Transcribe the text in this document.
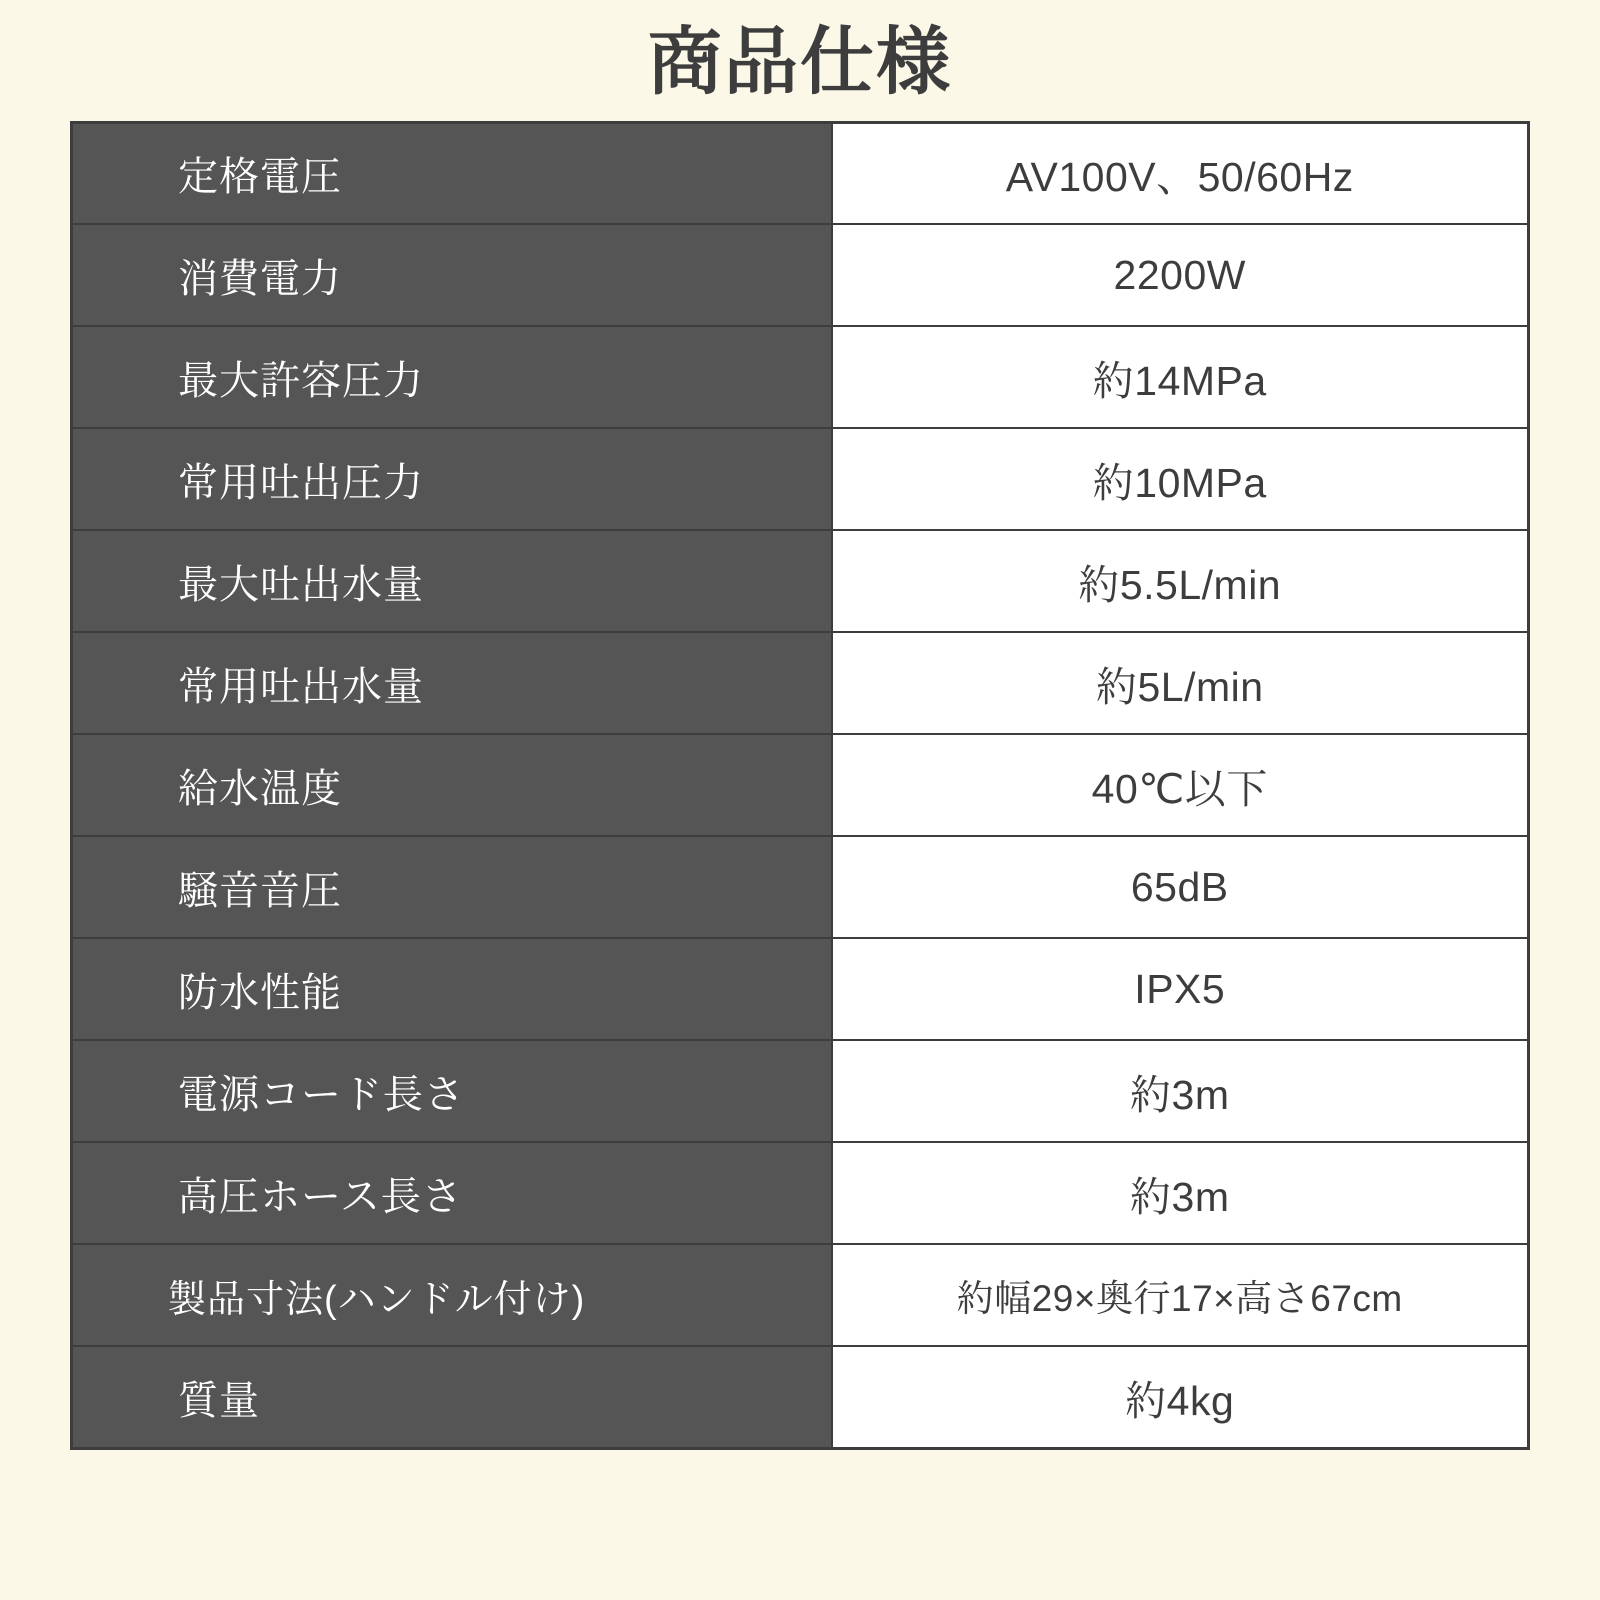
商品仕様
定格電圧	AV100V、50/60Hz
消費電力	2200W
最大許容圧力	約14MPa
常用吐出圧力	約10MPa
最大吐出水量	約5.5L/min
常用吐出水量	約5L/min
給水温度	40℃以下
騒音音圧	65dB
防水性能	IPX5
電源コード長さ	約3m
高圧ホース長さ	約3m
製品寸法(ハンドル付け)	約幅29×奥行17×高さ67cm
質量	約4kg
